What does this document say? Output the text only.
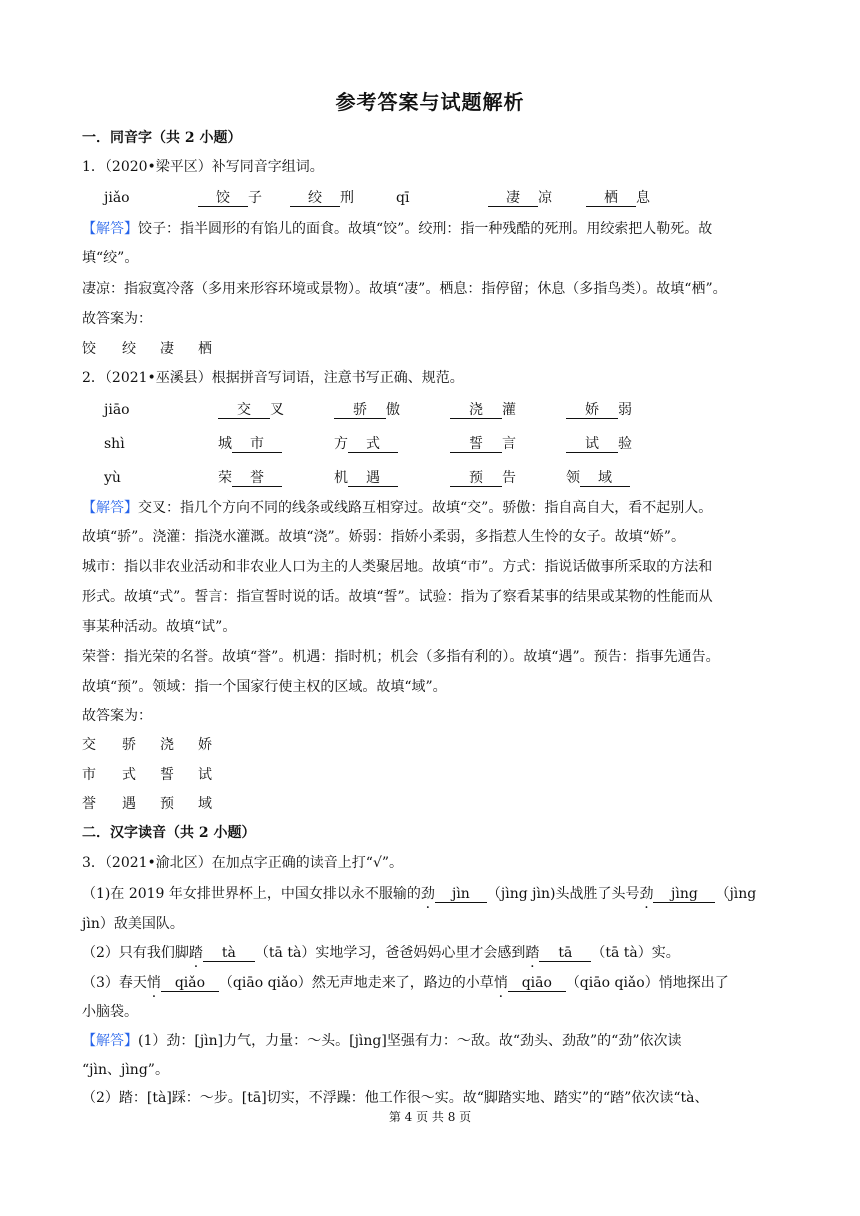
参考答案与试题解析
一．同音字（共 2 小题）
1．（2020•梁平区）补写同音字组词。
jiǎo	饺 子	绞 刑	qī	凄 凉	栖 息
【解答】饺子：指半圆形的有馅儿的面食。故填“饺”。绞刑：指一种残酷的死刑。用绞索把人勒死。故
填“绞”。
凄凉：指寂寞冷落（多用来形容环境或景物）。故填“凄”。栖息：指停留；休息（多指鸟类）。故填“栖”。
故答案为：
饺 绞 凄 栖
2．（2021•巫溪县）根据拼音写词语，注意书写正确、规范。
jiāo	交 叉	骄 傲	浇 灌	娇 弱
shì	城 市	方 式	誓 言	试 验
yù	荣 誉	机 遇	预 告	领 域
【解答】交叉：指几个方向不同的线条或线路互相穿过。故填“交”。骄傲：指自高自大，看不起别人。
故填“骄”。浇灌：指浇水灌溉。故填“浇”。娇弱：指娇小柔弱，多指惹人生怜的女子。故填“娇”。
城市：指以非农业活动和非农业人口为主的人类聚居地。故填“市”。方式：指说话做事所采取的方法和
形式。故填“式”。誓言：指宣誓时说的话。故填“誓”。试验：指为了察看某事的结果或某物的性能而从
事某种活动。故填“试”。
荣誉：指光荣的名誉。故填“誉”。机遇：指时机；机会（多指有利的）。故填“遇”。预告：指事先通告。
故填“预”。领域：指一个国家行使主权的区域。故填“域”。
故答案为：
交 骄 浇 娇
市 式 誓 试
誉 遇 预 域
二．汉字读音（共 2 小题）
3．（2021•渝北区）在加点字正确的读音上打“√”。
（1)在 2019 年女排世界杯上，中国女排以永不服输的劲 jìn （jìng jìn)头战胜了头号劲 jìng （jìng
jìn）敌美国队。
（2）只有我们脚踏 tà （tā tà）实地学习，爸爸妈妈心里才会感到踏 tā （tā tà）实。
（3）春天悄 qiǎo （qiāo qiǎo）然无声地走来了，路边的小草悄 qiāo （qiāo qiǎo）悄地探出了
小脑袋。
【解答】(1）劲：[jìn]力气，力量：～头。[jìng]坚强有力：～敌。故“劲头、劲敌”的“劲”依次读
“jìn、jìng”。
（2）踏：[tà]踩：～步。[tā]切实，不浮躁：他工作很～实。故“脚踏实地、踏实”的“踏”依次读“tà、
第 4 页 共 8 页
